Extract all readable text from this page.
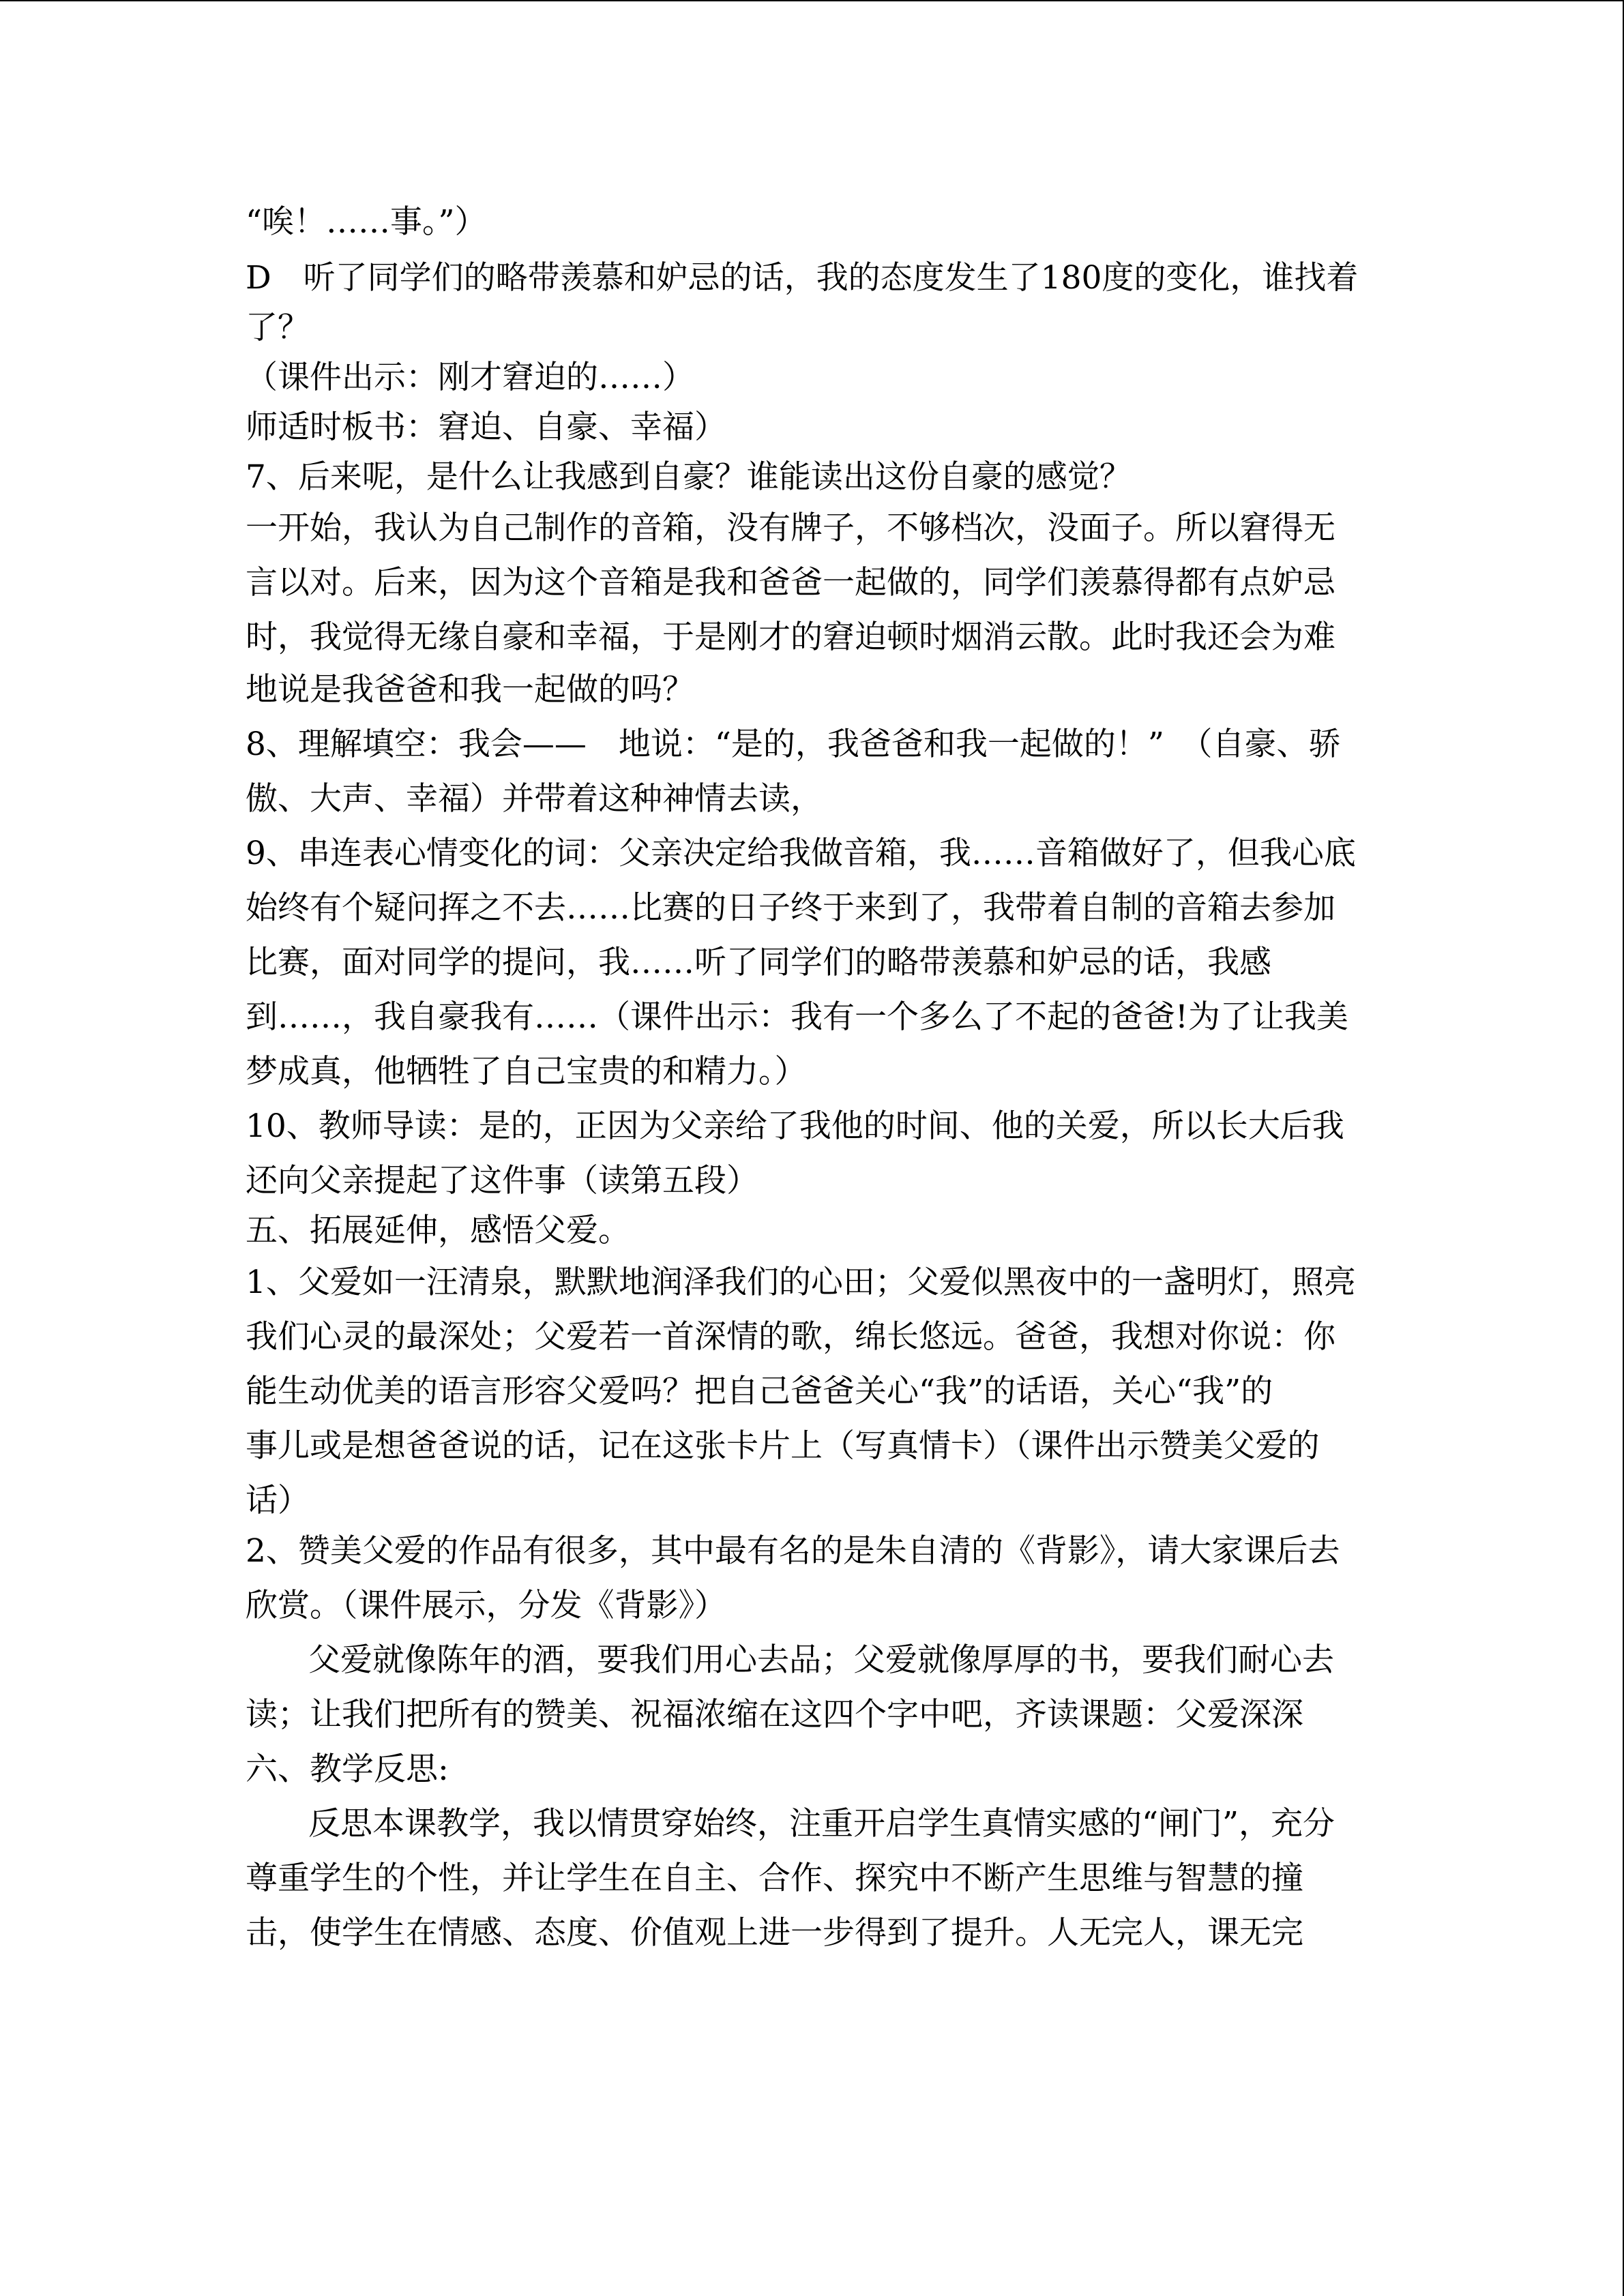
“唉！……事。”）
D　听了同学们的略带羡慕和妒忌的话，我的态度发生了180度的变化，谁找着
了？
（课件出示：刚才窘迫的……）
师适时板书：窘迫、自豪、幸福）
7、后来呢，是什么让我感到自豪？谁能读出这份自豪的感觉？
一开始，我认为自己制作的音箱，没有牌子，不够档次，没面子。所以窘得无
言以对。后来，因为这个音箱是我和爸爸一起做的，同学们羡慕得都有点妒忌
时，我觉得无缘自豪和幸福，于是刚才的窘迫顿时烟消云散。此时我还会为难
地说是我爸爸和我一起做的吗？
8、理解填空：我会——　地说：“是的，我爸爸和我一起做的！”　（自豪、骄
傲、大声、幸福）并带着这种神情去读，
9、串连表心情变化的词：父亲决定给我做音箱，我……音箱做好了，但我心底
始终有个疑问挥之不去……比赛的日子终于来到了，我带着自制的音箱去参加
比赛，面对同学的提问，我……听了同学们的略带羡慕和妒忌的话，我感
到……，我自豪我有……（课件出示：我有一个多么了不起的爸爸!为了让我美
梦成真，他牺牲了自己宝贵的和精力。）
10、教师导读：是的，正因为父亲给了我他的时间、他的关爱，所以长大后我
还向父亲提起了这件事（读第五段）
五、拓展延伸，感悟父爱。
1、父爱如一汪清泉，默默地润泽我们的心田；父爱似黑夜中的一盏明灯，照亮
我们心灵的最深处；父爱若一首深情的歌，绵长悠远。爸爸，我想对你说：你
能生动优美的语言形容父爱吗？把自己爸爸关心“我”的话语，关心“我”的
事儿或是想爸爸说的话，记在这张卡片上（写真情卡）（课件出示赞美父爱的
话）
2、赞美父爱的作品有很多，其中最有名的是朱自清的《背影》，请大家课后去
欣赏。（课件展示，分发《背影》）
父爱就像陈年的酒，要我们用心去品；父爱就像厚厚的书，要我们耐心去
读；让我们把所有的赞美、祝福浓缩在这四个字中吧，齐读课题：父爱深深
六、教学反思:
反思本课教学，我以情贯穿始终，注重开启学生真情实感的“闸门”，充分
尊重学生的个性，并让学生在自主、合作、探究中不断产生思维与智慧的撞
击，使学生在情感、态度、价值观上进一步得到了提升。人无完人，课无完
